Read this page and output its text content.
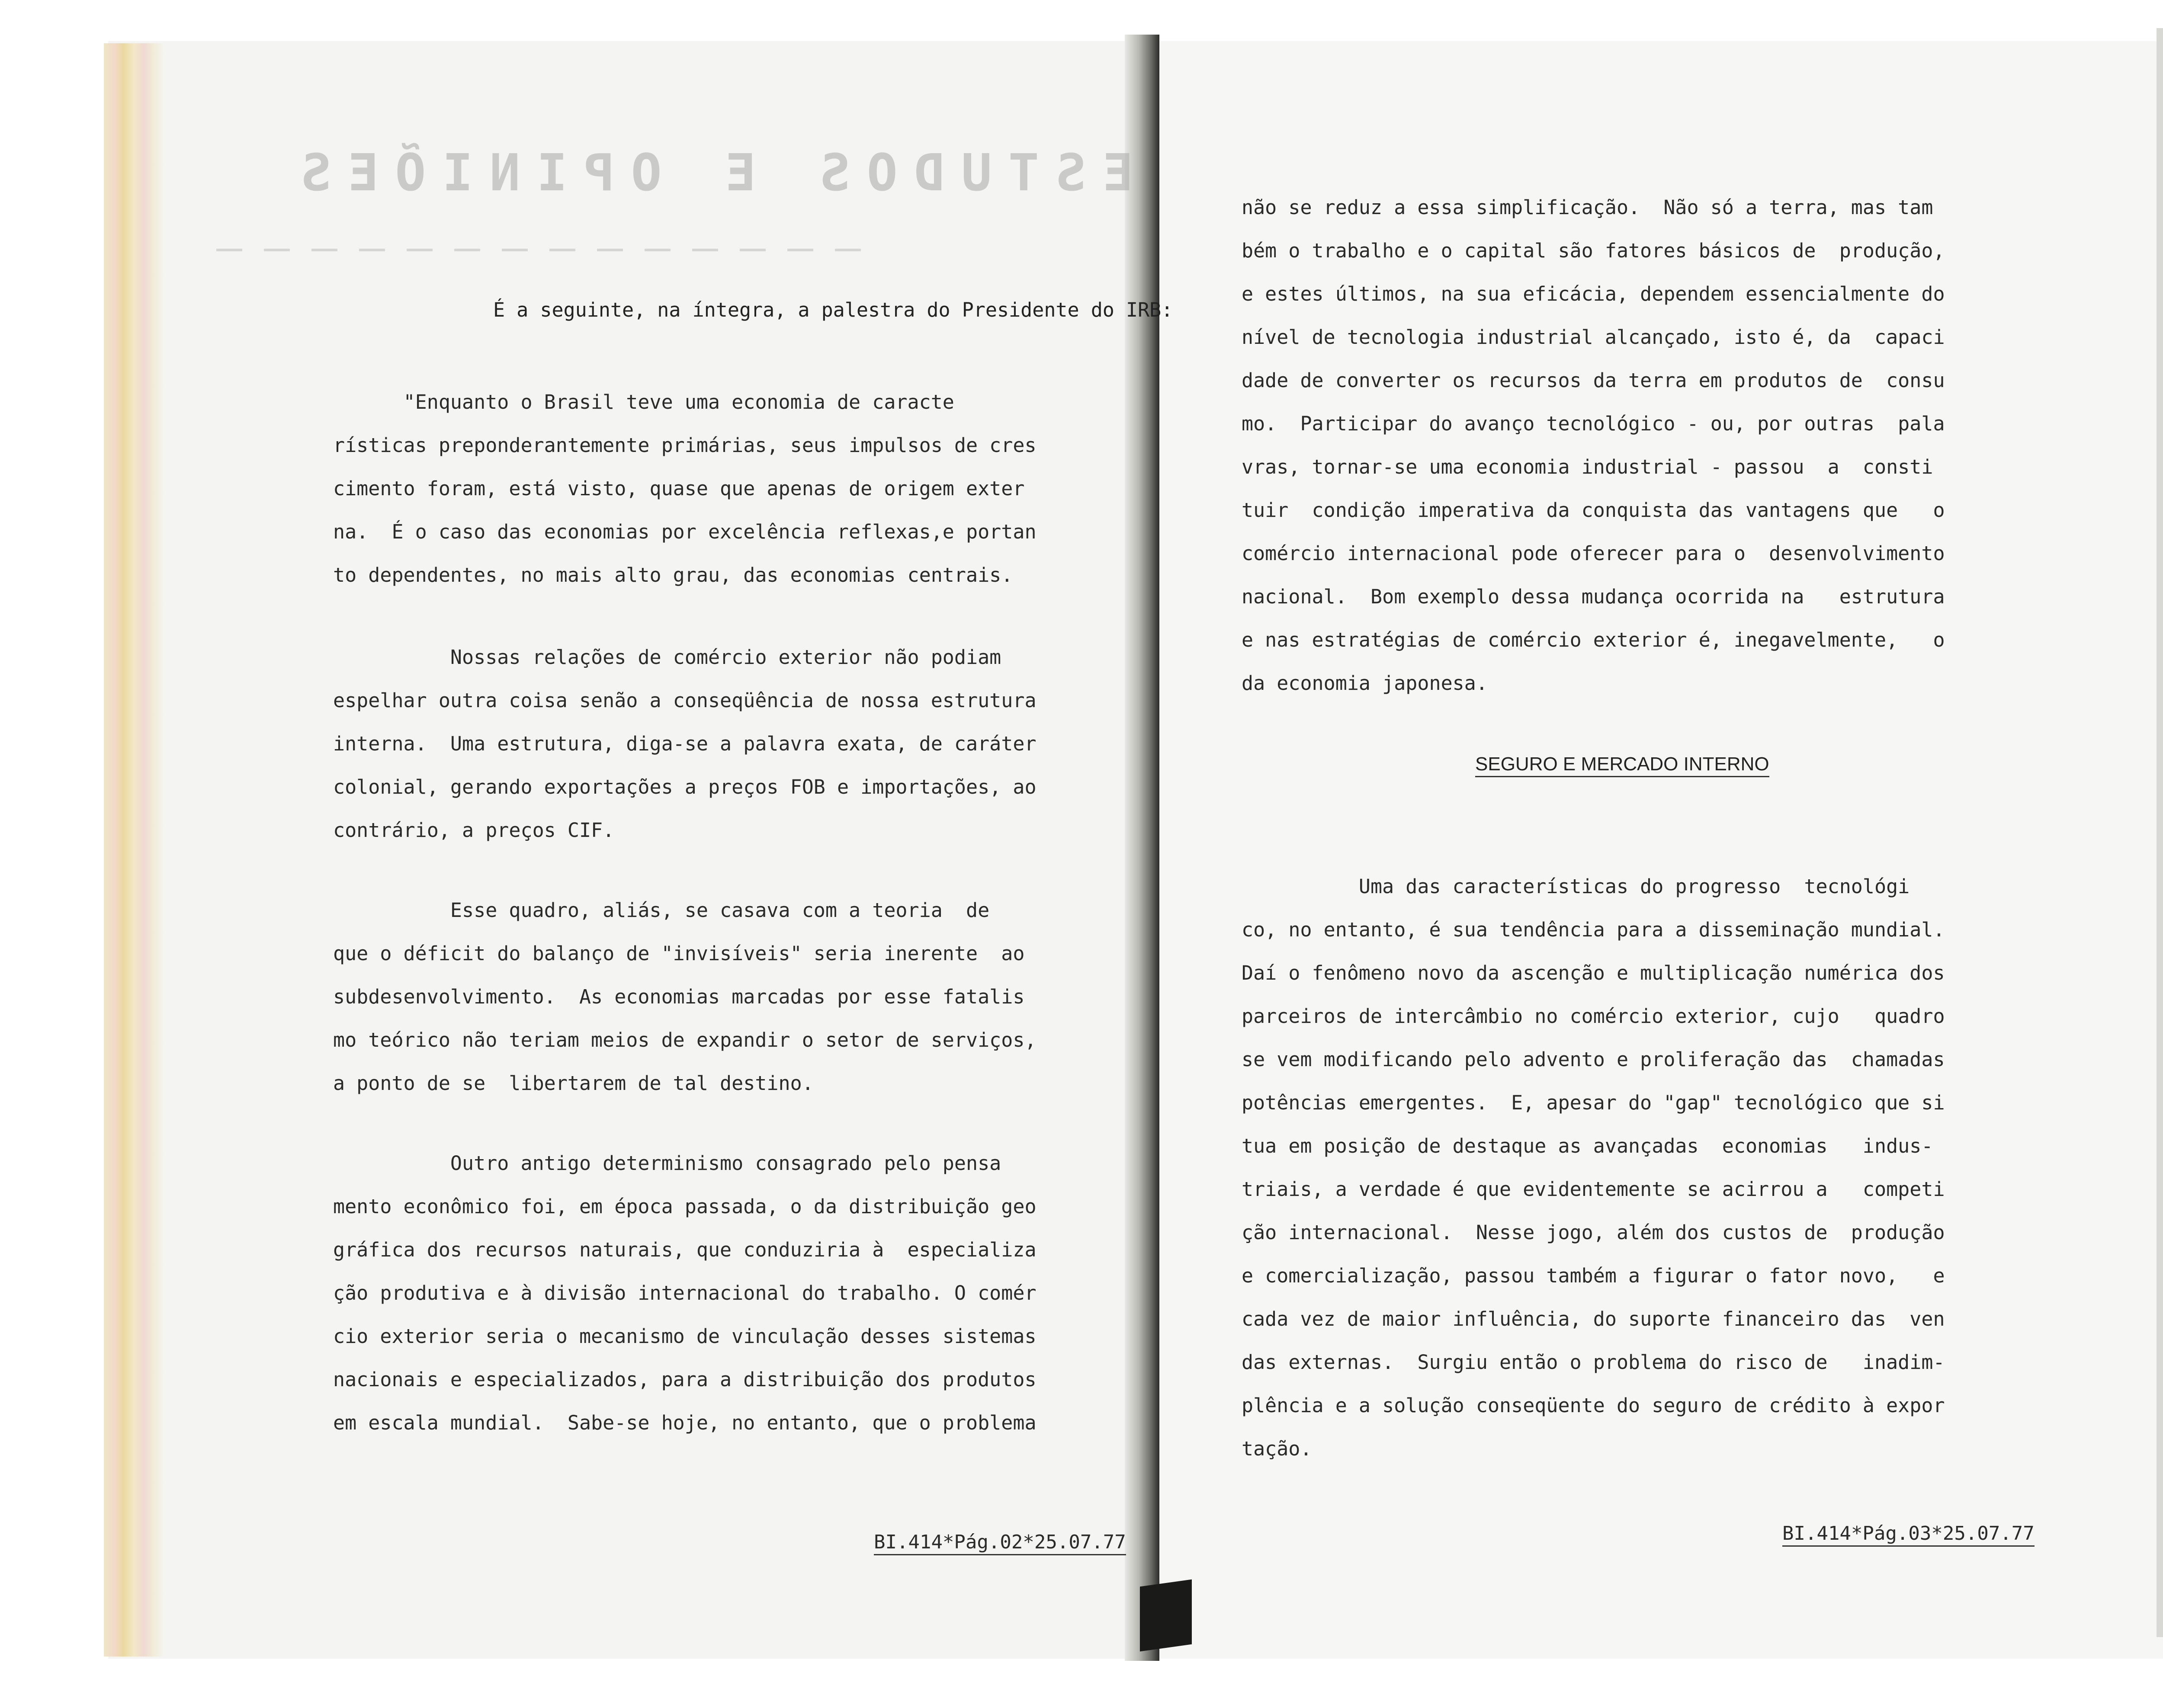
ESTUDOS E OPINIÕES
É a seguinte, na íntegra, a palestra do Presidente do IRB:
"Enquanto o Brasil teve uma economia de caracte
rísticas preponderantemente primárias, seus impulsos de cres
cimento foram, está visto, quase que apenas de origem exter
na.  É o caso das economias por excelência reflexas,e portan
to dependentes, no mais alto grau, das economias centrais.
Nossas relações de comércio exterior não podiam
espelhar outra coisa senão a conseqüência de nossa estrutura
interna.  Uma estrutura, diga-se a palavra exata, de caráter
colonial, gerando exportações a preços FOB e importações, ao
contrário, a preços CIF.
Esse quadro, aliás, se casava com a teoria  de
que o déficit do balanço de "invisíveis" seria inerente  ao
subdesenvolvimento.  As economias marcadas por esse fatalis
mo teórico não teriam meios de expandir o setor de serviços,
a ponto de se  libertarem de tal destino.
Outro antigo determinismo consagrado pelo pensa
mento econômico foi, em época passada, o da distribuição geo
gráfica dos recursos naturais, que conduziria à  especializa
ção produtiva e à divisão internacional do trabalho. O comér
cio exterior seria o mecanismo de vinculação desses sistemas
nacionais e especializados, para a distribuição dos produtos
em escala mundial.  Sabe-se hoje, no entanto, que o problema
BI.414*Pág.02*25.07.77
não se reduz a essa simplificação.  Não só a terra, mas tam
bém o trabalho e o capital são fatores básicos de  produção,
e estes últimos, na sua eficácia, dependem essencialmente do
nível de tecnologia industrial alcançado, isto é, da  capaci
dade de converter os recursos da terra em produtos de  consu
mo.  Participar do avanço tecnológico - ou, por outras  pala
vras, tornar-se uma economia industrial - passou  a  consti
tuir  condição imperativa da conquista das vantagens que   o
comércio internacional pode oferecer para o  desenvolvimento
nacional.  Bom exemplo dessa mudança ocorrida na   estrutura
e nas estratégias de comércio exterior é, inegavelmente,   o
da economia japonesa.
SEGURO E MERCADO INTERNO
Uma das características do progresso  tecnológi
co, no entanto, é sua tendência para a disseminação mundial.
Daí o fenômeno novo da ascenção e multiplicação numérica dos
parceiros de intercâmbio no comércio exterior, cujo   quadro
se vem modificando pelo advento e proliferação das  chamadas
potências emergentes.  E, apesar do "gap" tecnológico que si
tua em posição de destaque as avançadas  economias   indus-
triais, a verdade é que evidentemente se acirrou a   competi
ção internacional.  Nesse jogo, além dos custos de  produção
e comercialização, passou também a figurar o fator novo,   e
cada vez de maior influência, do suporte financeiro das  ven
das externas.  Surgiu então o problema do risco de   inadim-
plência e a solução conseqüente do seguro de crédito à expor
tação.
BI.414*Pág.03*25.07.77
